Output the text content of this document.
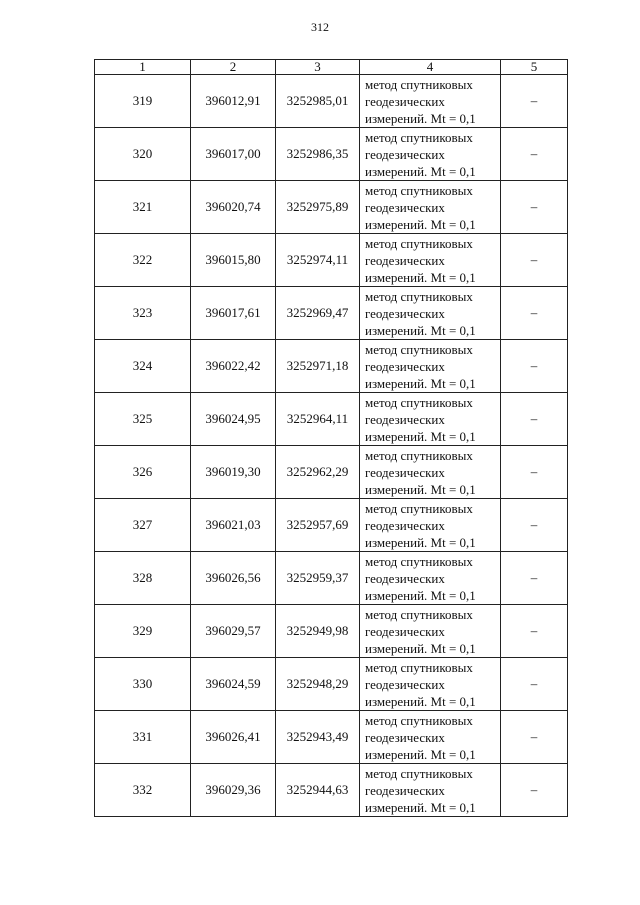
312
1	2	3	4	5
319	396012,91	3252985,01	метод спутниковых
геодезических
измерений. Mt = 0,1	–
320	396017,00	3252986,35	метод спутниковых
геодезических
измерений. Mt = 0,1	–
321	396020,74	3252975,89	метод спутниковых
геодезических
измерений. Mt = 0,1	–
322	396015,80	3252974,11	метод спутниковых
геодезических
измерений. Mt = 0,1	–
323	396017,61	3252969,47	метод спутниковых
геодезических
измерений. Mt = 0,1	–
324	396022,42	3252971,18	метод спутниковых
геодезических
измерений. Mt = 0,1	–
325	396024,95	3252964,11	метод спутниковых
геодезических
измерений. Mt = 0,1	–
326	396019,30	3252962,29	метод спутниковых
геодезических
измерений. Mt = 0,1	–
327	396021,03	3252957,69	метод спутниковых
геодезических
измерений. Mt = 0,1	–
328	396026,56	3252959,37	метод спутниковых
геодезических
измерений. Mt = 0,1	–
329	396029,57	3252949,98	метод спутниковых
геодезических
измерений. Mt = 0,1	–
330	396024,59	3252948,29	метод спутниковых
геодезических
измерений. Mt = 0,1	–
331	396026,41	3252943,49	метод спутниковых
геодезических
измерений. Mt = 0,1	–
332	396029,36	3252944,63	метод спутниковых
геодезических
измерений. Mt = 0,1	–
